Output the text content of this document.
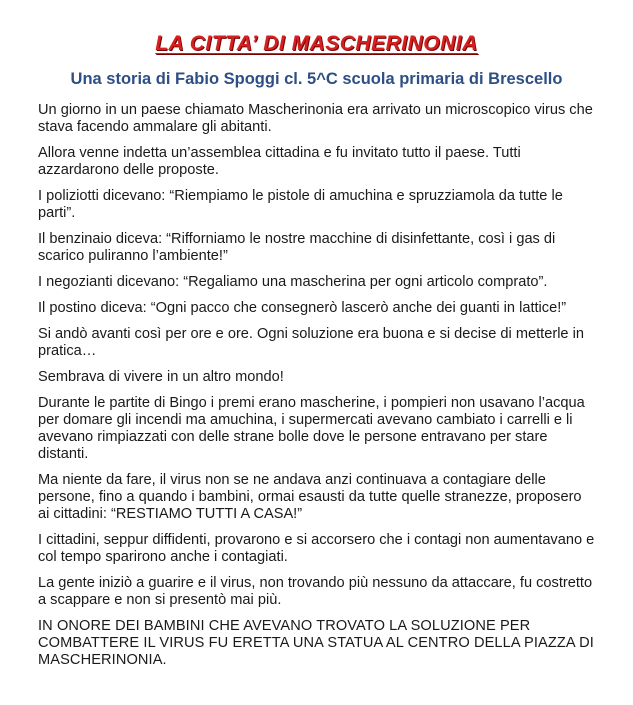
LA CITTA’ DI MASCHERINONIA
Una storia di Fabio Spoggi cl. 5^C scuola primaria di Brescello

Un giorno in un paese chiamato Mascherinonia era arrivato un microscopico virus che stava facendo ammalare gli abitanti.

Allora venne indetta un’assemblea cittadina e fu invitato tutto il paese. Tutti azzardarono delle proposte.

I poliziotti dicevano: “Riempiamo le pistole di amuchina e spruzziamola da tutte le parti”.

Il benzinaio diceva: “Rifforniamo le nostre macchine di disinfettante, così i gas di scarico puliranno l’ambiente!”

I negozianti dicevano: “Regaliamo una mascherina per ogni articolo comprato”.

Il postino diceva: “Ogni pacco che consegnerò lascerò anche dei guanti in lattice!”

Si andò avanti così per ore e ore. Ogni soluzione era buona e si decise di metterle in pratica…

Sembrava di vivere in un altro mondo!

Durante le partite di Bingo i premi erano mascherine, i pompieri non usavano l’acqua per domare gli incendi ma amuchina, i supermercati avevano cambiato i carrelli e li avevano rimpiazzati con delle strane bolle dove le persone entravano per stare distanti.

Ma niente da fare, il virus non se ne andava anzi continuava a contagiare delle persone, fino a quando i bambini, ormai esausti da tutte quelle stranezze, proposero ai cittadini: “RESTIAMO TUTTI A CASA!”

I cittadini, seppur diffidenti, provarono e si accorsero che i contagi non aumentavano e col tempo sparirono anche i contagiati.

La gente iniziò a guarire e il virus, non trovando più nessuno da attaccare, fu costretto a scappare e non si presentò mai più.

IN ONORE DEI BAMBINI CHE AVEVANO TROVATO LA SOLUZIONE PER COMBATTERE IL VIRUS FU ERETTA UNA STATUA AL CENTRO DELLA PIAZZA DI MASCHERINONIA.
